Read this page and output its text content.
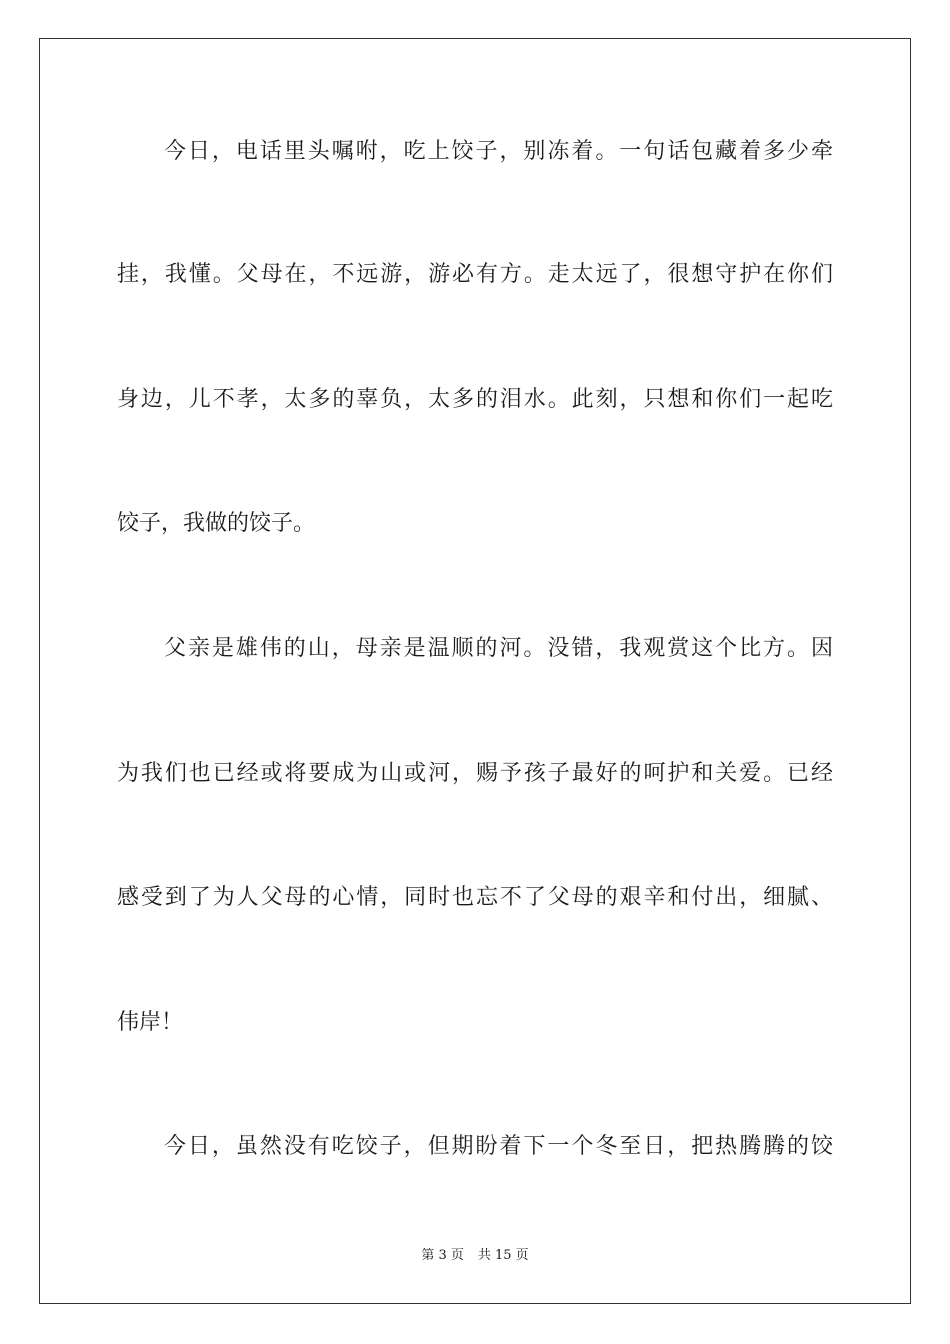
今日，电话里头嘱咐，吃上饺子，别冻着。一句话包藏着多少牵
挂，我懂。父母在，不远游，游必有方。走太远了，很想守护在你们
身边，儿不孝，太多的辜负，太多的泪水。此刻，只想和你们一起吃
饺子，我做的饺子。
父亲是雄伟的山，母亲是温顺的河。没错，我观赏这个比方。因
为我们也已经或将要成为山或河，赐予孩子最好的呵护和关爱。已经
感受到了为人父母的心情，同时也忘不了父母的艰辛和付出，细腻、
伟岸！
今日，虽然没有吃饺子，但期盼着下一个冬至日，把热腾腾的饺
第 3 页 共 15 页
